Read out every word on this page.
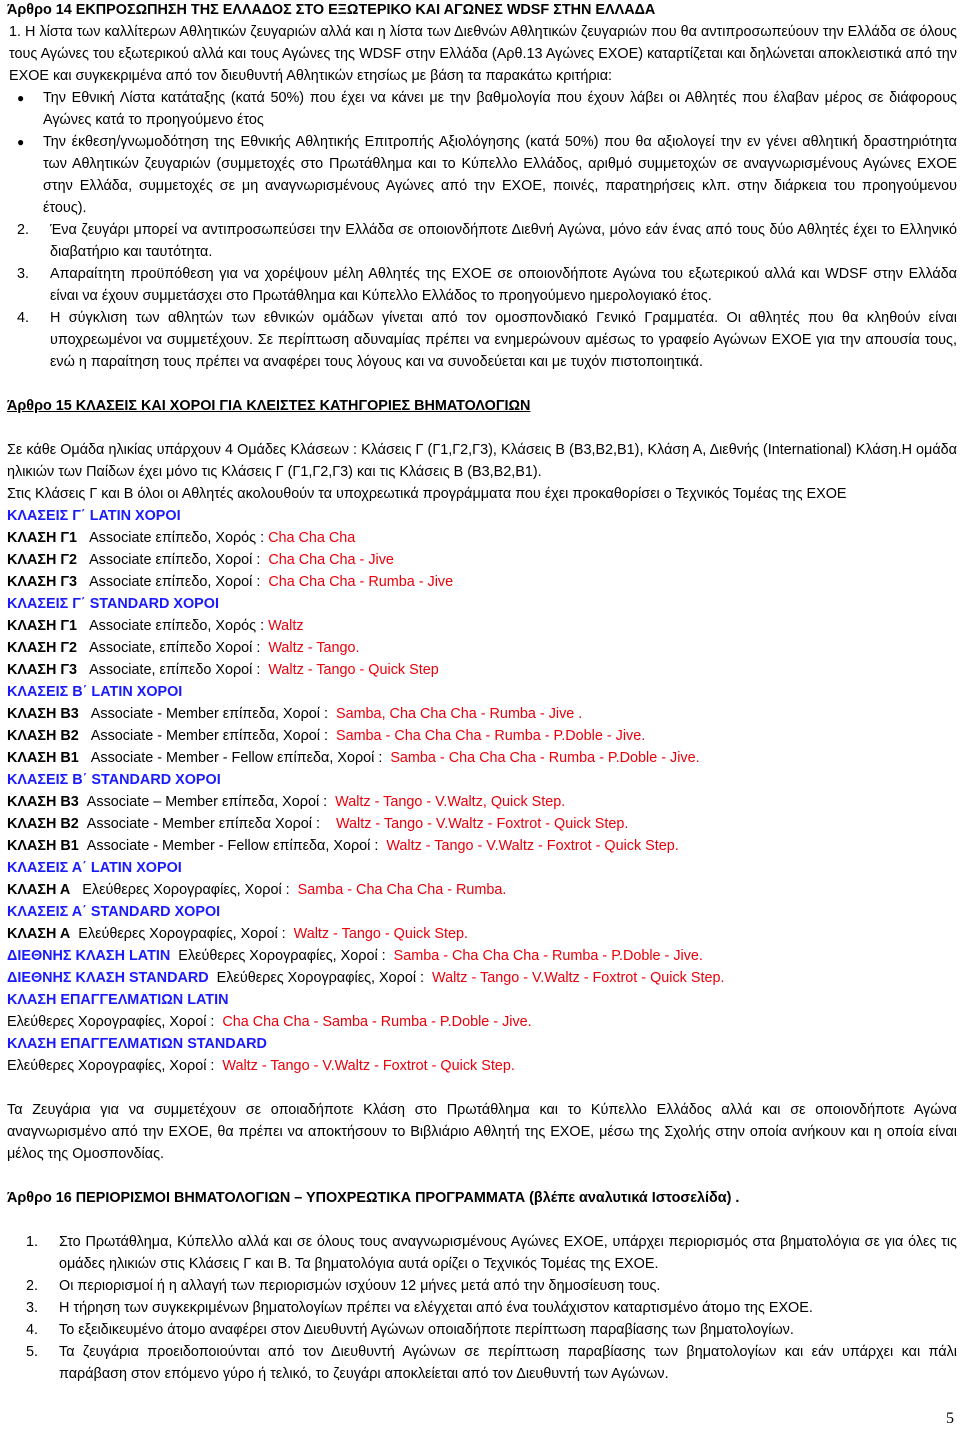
Άρθρο 14 ΕΚΠΡΟΣΩΠΗΣΗ ΤΗΣ ΕΛΛΑΔΟΣ ΣΤΟ ΕΞΩΤΕΡΙΚΟ ΚΑΙ ΑΓΩΝΕΣ WDSF ΣΤΗΝ ΕΛΛΑΔΑ

1. Η λίστα των καλλίτερων Αθλητικών ζευγαριών αλλά και η λίστα των Διεθνών Αθλητικών ζευγαριών που θα αντιπροσωπεύουν την Ελλάδα σε όλους τους Αγώνες του εξωτερικού αλλά και τους Αγώνες της WDSF στην Ελλάδα (Αρθ.13 Αγώνες ΕΧΟΕ) καταρτίζεται και δηλώνεται αποκλειστικά από την ΕΧΟΕ και συγκεκριμένα από τον διευθυντή Αθλητικών ετησίως με βάση τα παρακάτω κριτήρια:

●	Την Εθνική Λίστα κατάταξης (κατά 50%) που έχει να κάνει με την βαθμολογία που έχουν λάβει οι Αθλητές που έλαβαν μέρος σε διάφορους Αγώνες κατά το προηγούμενο έτος
●	Την έκθεση/γνωμοδότηση της Εθνικής Αθλητικής Επιτροπής Αξιολόγησης (κατά 50%) που θα αξιολογεί την εν γένει αθλητική δραστηριότητα των Αθλητικών ζευγαριών (συμμετοχές στο Πρωτάθλημα και το Κύπελλο Ελλάδος, αριθμό συμμετοχών σε αναγνωρισμένους Αγώνες ΕΧΟΕ στην Ελλάδα, συμμετοχές σε μη αναγνωρισμένους Αγώνες από την ΕΧΟΕ, ποινές, παρατηρήσεις κλπ. στην διάρκεια του προηγούμενου έτους).
2.	Ένα ζευγάρι μπορεί να αντιπροσωπεύσει την Ελλάδα σε οποιονδήποτε Διεθνή Αγώνα, μόνο εάν ένας από τους δύο Αθλητές έχει το Ελληνικό διαβατήριο και ταυτότητα.
3.	Απαραίτητη προϋπόθεση για να χορέψουν μέλη Αθλητές της ΕΧΟΕ σε οποιονδήποτε Αγώνα του εξωτερικού αλλά και WDSF στην Ελλάδα είναι να έχουν συμμετάσχει στο Πρωτάθλημα και Κύπελλο Ελλάδος το προηγούμενο ημερολογιακό έτος.
4.	Η σύγκλιση των αθλητών των εθνικών ομάδων γίνεται από τον ομοσπονδιακό Γενικό Γραμματέα. Οι αθλητές που θα κληθούν είναι υποχρεωμένοι να συμμετέχουν. Σε περίπτωση αδυναμίας πρέπει να ενημερώνουν αμέσως το γραφείο Αγώνων ΕΧΟΕ για την απουσία τους, ενώ η παραίτηση τους πρέπει να αναφέρει τους λόγους και να συνοδεύεται και με τυχόν πιστοποιητικά.

Άρθρο 15 ΚΛΑΣΕΙΣ ΚΑΙ ΧΟΡΟΙ ΓΙΑ ΚΛΕΙΣΤΕΣ ΚΑΤΗΓΟΡΙΕΣ ΒΗΜΑΤΟΛΟΓΙΩΝ

Σε κάθε Ομάδα ηλικίας υπάρχουν 4 Ομάδες Κλάσεων : Κλάσεις Γ (Γ1,Γ2,Γ3), Κλάσεις Β (Β3,Β2,Β1), Κλάση Α, Διεθνής (International) Κλάση.Η ομάδα ηλικιών των Παίδων έχει μόνο τις Κλάσεις Γ (Γ1,Γ2,Γ3) και τις Κλάσεις Β (Β3,Β2,Β1).

Στις Κλάσεις Γ και Β όλοι οι Αθλητές ακολουθούν τα υποχρεωτικά προγράμματα που έχει προκαθορίσει ο Τεχνικός Τομέας της ΕΧΟΕ

ΚΛΑΣΕΙΣ Γ΄ LATIN ΧΟΡΟΙ

ΚΛΑΣΗ Γ1   Associate επίπεδο, Χορός : Cha Cha Cha

ΚΛΑΣΗ Γ2   Associate επίπεδο, Χοροί :  Cha Cha Cha - Jive

ΚΛΑΣΗ Γ3   Associate επίπεδο, Χοροί :  Cha Cha Cha - Rumba - Jive

ΚΛΑΣΕΙΣ Γ΄ STANDARD ΧΟΡΟΙ

ΚΛΑΣΗ Γ1   Associate επίπεδο, Χορός : Waltz

ΚΛΑΣΗ Γ2   Associate, επίπεδο Χοροί :  Waltz - Tango.

ΚΛΑΣΗ Γ3   Associate, επίπεδο Χοροί :  Waltz - Tango - Quick Step

ΚΛΑΣΕΙΣ Β΄ LATIN ΧΟΡΟΙ

ΚΛΑΣΗ Β3   Associate - Member επίπεδα, Χοροί :  Samba, Cha Cha Cha - Rumba - Jive .

ΚΛΑΣΗ Β2   Associate - Member επίπεδα, Χοροί :  Samba - Cha Cha Cha - Rumba - P.Doble - Jive.

ΚΛΑΣΗ Β1   Associate - Member - Fellow επίπεδα, Χοροί :  Samba - Cha Cha Cha - Rumba - P.Doble - Jive.

ΚΛΑΣΕΙΣ Β΄ STANDARD ΧΟΡΟΙ

ΚΛΑΣΗ Β3  Associate – Member επίπεδα, Χοροί :  Waltz - Tango - V.Waltz, Quick Step.

ΚΛΑΣΗ Β2  Associate - Member επίπεδα Χοροί :    Waltz - Tango - V.Waltz - Foxtrot - Quick Step.

ΚΛΑΣΗ Β1  Associate - Member - Fellow επίπεδα, Χοροί :  Waltz - Tango - V.Waltz - Foxtrot - Quick Step.

ΚΛΑΣΕΙΣ Α΄ LATIN ΧΟΡΟΙ

ΚΛΑΣΗ Α   Ελεύθερες Χορογραφίες, Χοροί :  Samba - Cha Cha Cha - Rumba.

ΚΛΑΣΕΙΣ Α΄ STANDARD ΧΟΡΟΙ

ΚΛΑΣΗ Α  Ελεύθερες Χορογραφίες, Χοροί :  Waltz - Tango - Quick Step.

ΔΙΕΘΝΗΣ ΚΛΑΣΗ LATIN  Ελεύθερες Χορογραφίες, Χοροί :  Samba - Cha Cha Cha - Rumba - P.Doble - Jive.

ΔΙΕΘΝΗΣ ΚΛΑΣΗ STANDARD  Ελεύθερες Χορογραφίες, Χοροί :  Waltz - Tango - V.Waltz - Foxtrot - Quick Step.

ΚΛΑΣΗ ΕΠΑΓΓΕΛΜΑΤΙΩΝ LATIN

Ελεύθερες Χορογραφίες, Χοροί :  Cha Cha Cha - Samba - Rumba - P.Doble - Jive.

ΚΛΑΣΗ ΕΠΑΓΓΕΛΜΑΤΙΩΝ STANDARD

Ελεύθερες Χορογραφίες, Χοροί :  Waltz - Tango - V.Waltz - Foxtrot - Quick Step.

Τα Ζευγάρια για να συμμετέχουν σε οποιαδήποτε Κλάση στο Πρωτάθλημα και το Κύπελλο Ελλάδος αλλά και σε οποιονδήποτε Αγώνα αναγνωρισμένο από την ΕΧΟΕ, θα πρέπει να αποκτήσουν το Βιβλιάριο Αθλητή της ΕΧΟΕ, μέσω της Σχολής στην οποία ανήκουν και η οποία είναι μέλος της Ομοσπονδίας.

Άρθρο 16 ΠΕΡΙΟΡΙΣΜΟΙ ΒΗΜΑΤΟΛΟΓΙΩΝ – ΥΠΟΧΡΕΩΤΙΚΑ ΠΡΟΓΡΑΜΜΑΤΑ (βλέπε αναλυτικά Ιστοσελίδα) .

1.	Στο Πρωτάθλημα, Κύπελλο αλλά και σε όλους τους αναγνωρισμένους Αγώνες ΕΧΟΕ, υπάρχει περιορισμός στα βηματολόγια σε για όλες τις ομάδες ηλικιών στις Κλάσεις Γ και Β. Τα βηματολόγια αυτά ορίζει ο Τεχνικός Τομέας της ΕΧΟΕ.
2.	Οι περιορισμοί ή η αλλαγή των περιορισμών ισχύουν 12 μήνες μετά από την δημοσίευση τους.
3.	Η τήρηση των συγκεκριμένων βηματολογίων πρέπει να ελέγχεται από ένα τουλάχιστον καταρτισμένο άτομο της ΕΧΟΕ.
4.	Το εξειδικευμένο άτομο αναφέρει στον Διευθυντή Αγώνων οποιαδήποτε περίπτωση παραβίασης των βηματολογίων.
5.	Τα ζευγάρια προειδοποιούνται από τον Διευθυντή Αγώνων σε περίπτωση παραβίασης των βηματολογίων και εάν υπάρχει και πάλι παράβαση στον επόμενο γύρο ή τελικό, το ζευγάρι αποκλείεται από τον Διευθυντή των Αγώνων.
5
